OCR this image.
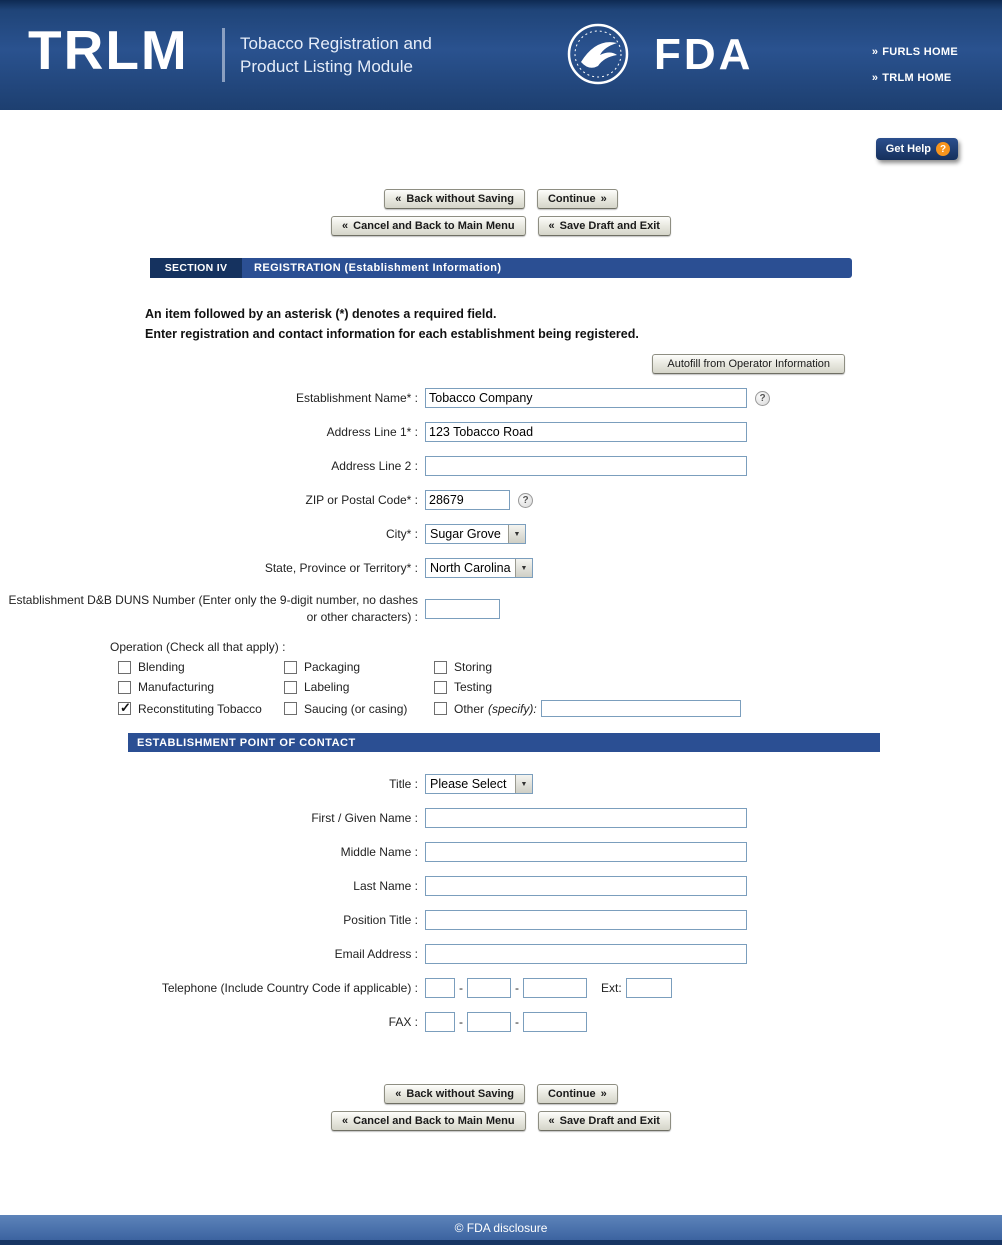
TRLM	Tobacco Registration and
Product Listing Module	FDA	» FURLS HOME
» TRLM HOME
Get Help ?
« Back without Saving	Continue »
« Cancel and Back to Main Menu	« Save Draft and Exit
SECTION IV	REGISTRATION (Establishment Information)
An item followed by an asterisk (*) denotes a required field.
Enter registration and contact information for each establishment being registered.
Autofill from Operator Information
Establishment Name* :
Tobacco Company	?
Address Line 1* :
123 Tobacco Road
Address Line 2 :
ZIP or Postal Code* :
28679	?
City* : Sugar Grove	▼
State, Province or Territory* : North Carolina	▼
Establishment D&B DUNS Number (Enter only the 9-digit number, no dashes or other characters) :
Operation (Check all that apply) :
Blending	Packaging	Storing
Manufacturing	Labeling	Testing
✓
Reconstituting Tobacco	Saucing (or casing)	Other (specify):
ESTABLISHMENT POINT OF CONTACT
Title : Please Select	▼
First / Given Name :
Middle Name :
Last Name :
Position Title :
Email Address :
Telephone (Include Country Code if applicable) :	-	-	Ext:
FAX :	-	-
« Back without Saving	Continue »
« Cancel and Back to Main Menu	« Save Draft and Exit
© FDA disclosure
